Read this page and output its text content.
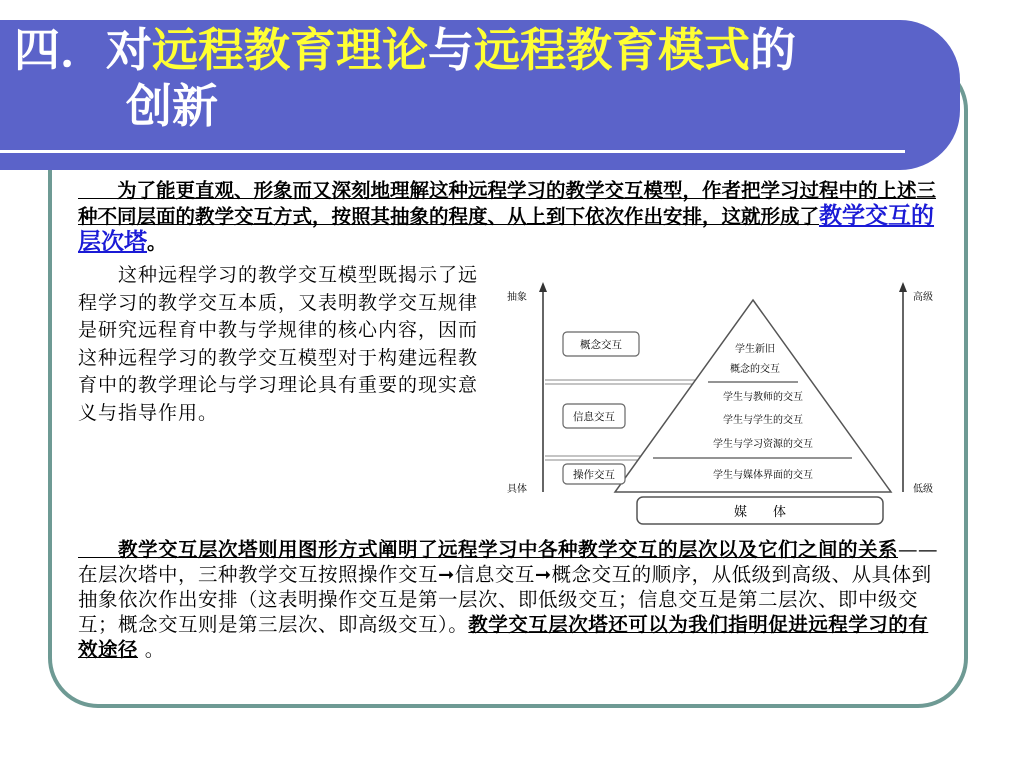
四．对远程教育理论与远程教育模式的
创新
　　为了能更直观、形象而又深刻地理解这种远程学习的教学交互模型，作者把学习过程中的上述三种不同层面的教学交互方式，按照其抽象的程度、从上到下依次作出安排，这就形成了教学交互的层次塔。
　　这种远程学习的教学交互模型既揭示了远程学习的教学交互本质，又表明教学交互规律是研究远程育中教与学规律的核心内容，因而这种远程学习的教学交互模型对于构建远程教育中的教学理论与学习理论具有重要的现实意义与指导作用。
抽象
具体
高级
低级
概念交互
信息交互
操作交互
学生新旧
概念的交互
学生与教师的交互
学生与学生的交互
学生与学习资源的交互
学生与媒体界面的交互
媒　　体
　　教学交互层次塔则用图形方式阐明了远程学习中各种教学交互的层次以及它们之间的关系——在层次塔中，三种教学交互按照操作交互➞信息交互➞概念交互的顺序，从低级到高级、从具体到抽象依次作出安排（这表明操作交互是第一层次、即低级交互；信息交互是第二层次、即中级交互；概念交互则是第三层次、即高级交互）。教学交互层次塔还可以为我们指明促进远程学习的有效途径 。
